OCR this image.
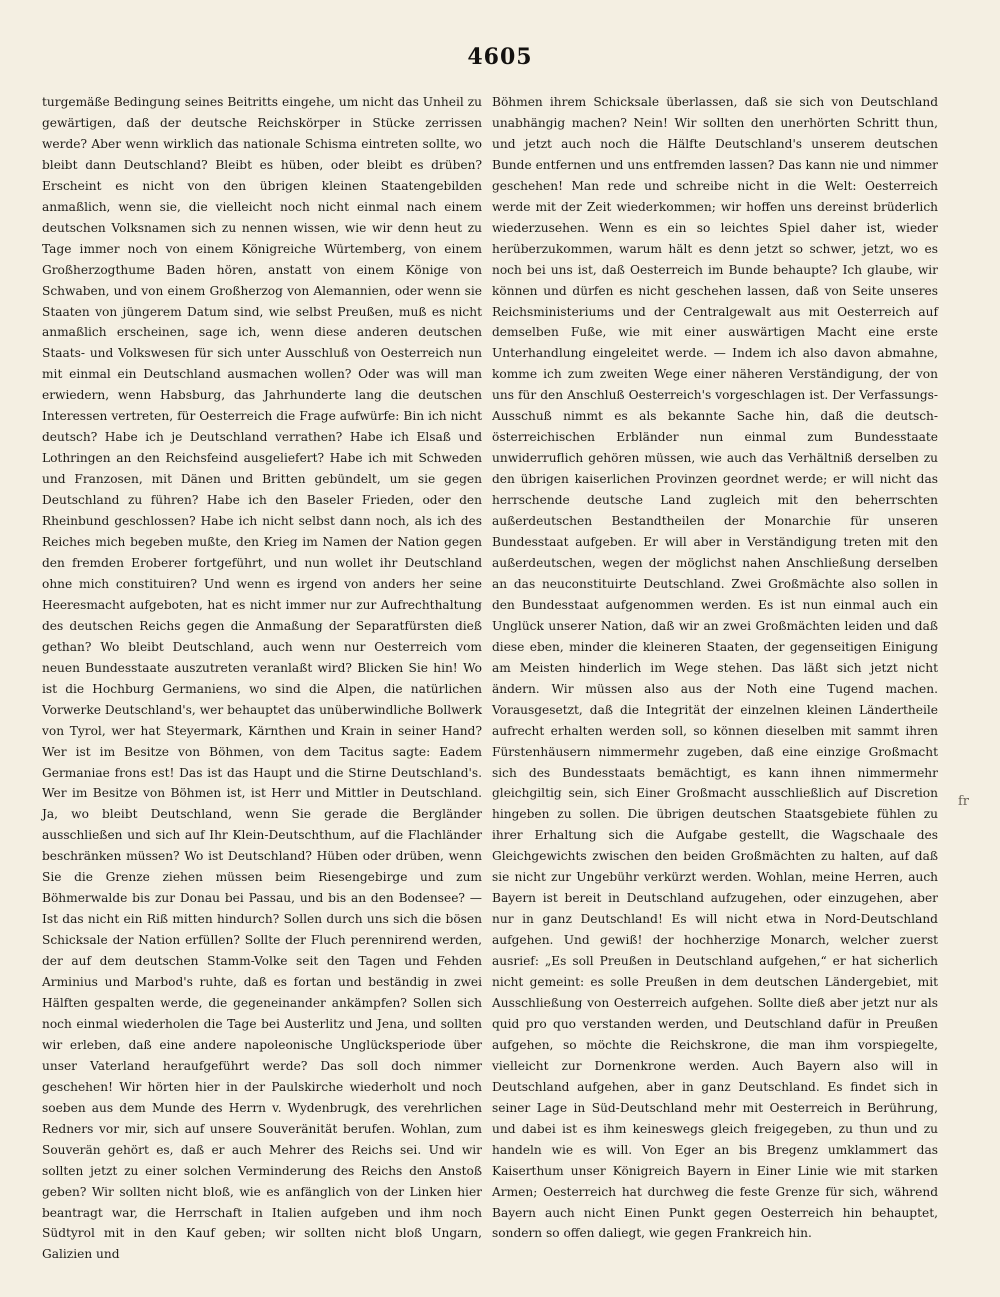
4605

turgemäße Bedingung seines Beitritts eingehe, um nicht das Unheil zu gewärtigen, daß der deutsche Reichskörper in Stücke zerrissen werde? Aber wenn wirklich das nationale Schisma eintreten sollte, wo bleibt dann Deutschland? Bleibt es hüben, oder bleibt es drüben? Erscheint es nicht von den übrigen kleinen Staatengebilden anmaßlich, wenn sie, die vielleicht noch nicht einmal nach einem deutschen Volksnamen sich zu nennen wissen, wie wir denn heut zu Tage immer noch von einem Königreiche Würtemberg, von einem Großherzogthume Baden hören, anstatt von einem Könige von Schwaben, und von einem Großherzog von Alemannien, oder wenn sie Staaten von jüngerem Datum sind, wie selbst Preußen, muß es nicht anmaßlich erscheinen, sage ich, wenn diese anderen deutschen Staats- und Volkswesen für sich unter Ausschluß von Oesterreich nun mit einmal ein Deutschland ausmachen wollen? Oder was will man erwiedern, wenn Habsburg, das Jahrhunderte lang die deutschen Interessen vertreten, für Oesterreich die Frage aufwürfe: Bin ich nicht deutsch? Habe ich je Deutschland verrathen? Habe ich Elsaß und Lothringen an den Reichsfeind ausgeliefert? Habe ich mit Schweden und Franzosen, mit Dänen und Britten gebündelt, um sie gegen Deutschland zu führen? Habe ich den Baseler Frieden, oder den Rheinbund geschlossen? Habe ich nicht selbst dann noch, als ich des Reiches mich begeben mußte, den Krieg im Namen der Nation gegen den fremden Eroberer fortgeführt, und nun wollet ihr Deutschland ohne mich constituiren? Und wenn es irgend von anders her seine Heeresmacht aufgeboten, hat es nicht immer nur zur Aufrechthaltung des deutschen Reichs gegen die Anmaßung der Separatfürsten dieß gethan? Wo bleibt Deutschland, auch wenn nur Oesterreich vom neuen Bundesstaate auszutreten veranlaßt wird? Blicken Sie hin! Wo ist die Hochburg Germaniens, wo sind die Alpen, die natürlichen Vorwerke Deutschland's, wer behauptet das unüberwindliche Bollwerk von Tyrol, wer hat Steyermark, Kärnthen und Krain in seiner Hand? Wer ist im Besitze von Böhmen, von dem Tacitus sagte: Eadem Germaniae frons est! Das ist das Haupt und die Stirne Deutschland's. Wer im Besitze von Böhmen ist, ist Herr und Mittler in Deutschland. Ja, wo bleibt Deutschland, wenn Sie gerade die Bergländer ausschließen und sich auf Ihr Klein-Deutschthum, auf die Flachländer beschränken müssen? Wo ist Deutschland? Hüben oder drüben, wenn Sie die Grenze ziehen müssen beim Riesengebirge und zum Böhmerwalde bis zur Donau bei Passau, und bis an den Bodensee? — Ist das nicht ein Riß mitten hindurch? Sollen durch uns sich die bösen Schicksale der Nation erfüllen? Sollte der Fluch perennirend werden, der auf dem deutschen Stamm-Volke seit den Tagen und Fehden Arminius und Marbod's ruhte, daß es fortan und beständig in zwei Hälften gespalten werde, die gegeneinander ankämpfen? Sollen sich noch einmal wiederholen die Tage bei Austerlitz und Jena, und sollten wir erleben, daß eine andere napoleonische Unglücksperiode über unser Vaterland heraufgeführt werde? Das soll doch nimmer geschehen! Wir hörten hier in der Paulskirche wiederholt und noch soeben aus dem Munde des Herrn v. Wydenbrugk, des verehrlichen Redners vor mir, sich auf unsere Souveränität berufen. Wohlan, zum Souverän gehört es, daß er auch Mehrer des Reichs sei. Und wir sollten jetzt zu einer solchen Verminderung des Reichs den Anstoß geben? Wir sollten nicht bloß, wie es anfänglich von der Linken hier beantragt war, die Herrschaft in Italien aufgeben und ihm noch Südtyrol mit in den Kauf geben; wir sollten nicht bloß Ungarn, Galizien und

Böhmen ihrem Schicksale überlassen, daß sie sich von Deutschland unabhängig machen? Nein! Wir sollten den unerhörten Schritt thun, und jetzt auch noch die Hälfte Deutschland's unserem deutschen Bunde entfernen und uns entfremden lassen? Das kann nie und nimmer geschehen! Man rede und schreibe nicht in die Welt: Oesterreich werde mit der Zeit wiederkommen; wir hoffen uns dereinst brüderlich wiederzusehen. Wenn es ein so leichtes Spiel daher ist, wieder herüberzukommen, warum hält es denn jetzt so schwer, jetzt, wo es noch bei uns ist, daß Oesterreich im Bunde behaupte? Ich glaube, wir können und dürfen es nicht geschehen lassen, daß von Seite unseres Reichsministeriums und der Centralgewalt aus mit Oesterreich auf demselben Fuße, wie mit einer auswärtigen Macht eine erste Unterhandlung eingeleitet werde. — Indem ich also davon abmahne, komme ich zum zweiten Wege einer näheren Verständigung, der von uns für den Anschluß Oesterreich's vorgeschlagen ist. Der Verfassungs-Ausschuß nimmt es als bekannte Sache hin, daß die deutsch-österreichischen Erbländer nun einmal zum Bundesstaate unwiderruflich gehören müssen, wie auch das Verhältniß derselben zu den übrigen kaiserlichen Provinzen geordnet werde; er will nicht das herrschende deutsche Land zugleich mit den beherrschten außerdeutschen Bestandtheilen der Monarchie für unseren Bundesstaat aufgeben. Er will aber in Verständigung treten mit den außerdeutschen, wegen der möglichst nahen Anschließung derselben an das neuconstituirte Deutschland. Zwei Großmächte also sollen in den Bundesstaat aufgenommen werden. Es ist nun einmal auch ein Unglück unserer Nation, daß wir an zwei Großmächten leiden und daß diese eben, minder die kleineren Staaten, der gegenseitigen Einigung am Meisten hinderlich im Wege stehen. Das läßt sich jetzt nicht ändern. Wir müssen also aus der Noth eine Tugend machen. Vorausgesetzt, daß die Integrität der einzelnen kleinen Ländertheile aufrecht erhalten werden soll, so können dieselben mit sammt ihren Fürstenhäusern nimmermehr zugeben, daß eine einzige Großmacht sich des Bundesstaats bemächtigt, es kann ihnen nimmermehr gleichgiltig sein, sich Einer Großmacht ausschließlich auf Discretion hingeben zu sollen. Die übrigen deutschen Staatsgebiete fühlen zu ihrer Erhaltung sich die Aufgabe gestellt, die Wagschaale des Gleichgewichts zwischen den beiden Großmächten zu halten, auf daß sie nicht zur Ungebühr verkürzt werden. Wohlan, meine Herren, auch Bayern ist bereit in Deutschland aufzugehen, oder einzugehen, aber nur in ganz Deutschland! Es will nicht etwa in Nord-Deutschland aufgehen. Und gewiß! der hochherzige Monarch, welcher zuerst ausrief: „Es soll Preußen in Deutschland aufgehen,“ er hat sicherlich nicht gemeint: es solle Preußen in dem deutschen Ländergebiet, mit Ausschließung von Oesterreich aufgehen. Sollte dieß aber jetzt nur als quid pro quo verstanden werden, und Deutschland dafür in Preußen aufgehen, so möchte die Reichskrone, die man ihm vorspiegelte, vielleicht zur Dornenkrone werden. Auch Bayern also will in Deutschland aufgehen, aber in ganz Deutschland. Es findet sich in seiner Lage in Süd-Deutschland mehr mit Oesterreich in Berührung, und dabei ist es ihm keineswegs gleich freigegeben, zu thun und zu handeln wie es will. Von Eger an bis Bregenz umklammert das Kaiserthum unser Königreich Bayern in Einer Linie wie mit starken Armen; Oesterreich hat durchweg die feste Grenze für sich, während Bayern auch nicht Einen Punkt gegen Oesterreich hin behauptet, sondern so offen daliegt, wie gegen Frankreich hin.

fr
